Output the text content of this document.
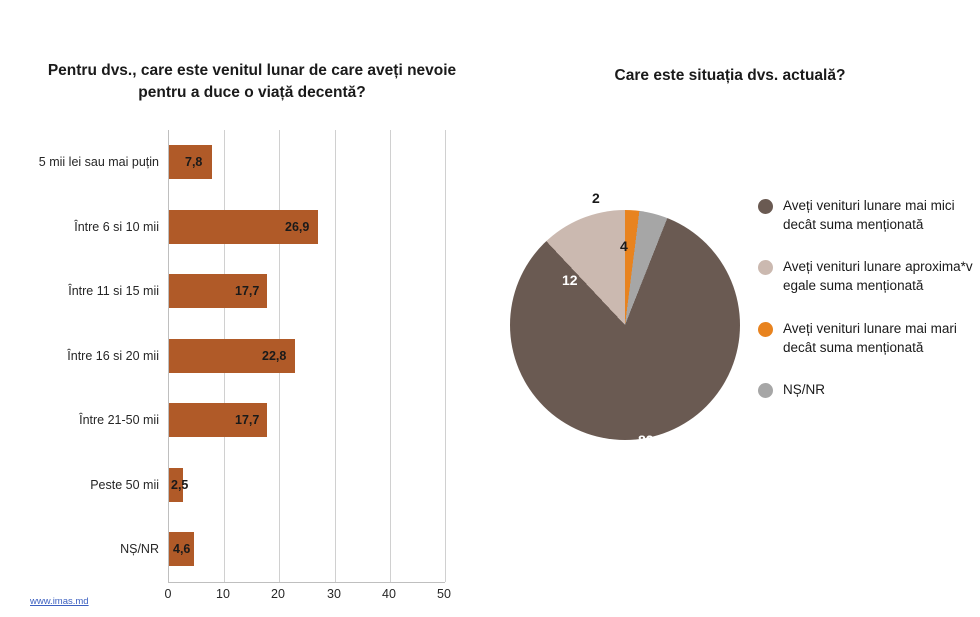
Pentru dvs., care este venitul lunar de care aveți nevoie pentru a duce o viață decentă?
5 mii lei sau mai puțin 7,8
Între 6 si 10 mii	26,9
Între 11 si 15 mii	17,7
Între 16 si 20 mii	22,8
Între 21-50 mii	17,7
Peste 50 mii 2,5
NȘ/NR 4,6
0	10	20	30	40	50
www.imas.md
Care este situația dvs. actuală?
2
4
12
82
Aveți venituri lunare mai mici decât suma menționată
Aveți venituri lunare aproxima*v egale suma menționată
Aveți venituri lunare mai mari decât suma menționată
NȘ/NR
